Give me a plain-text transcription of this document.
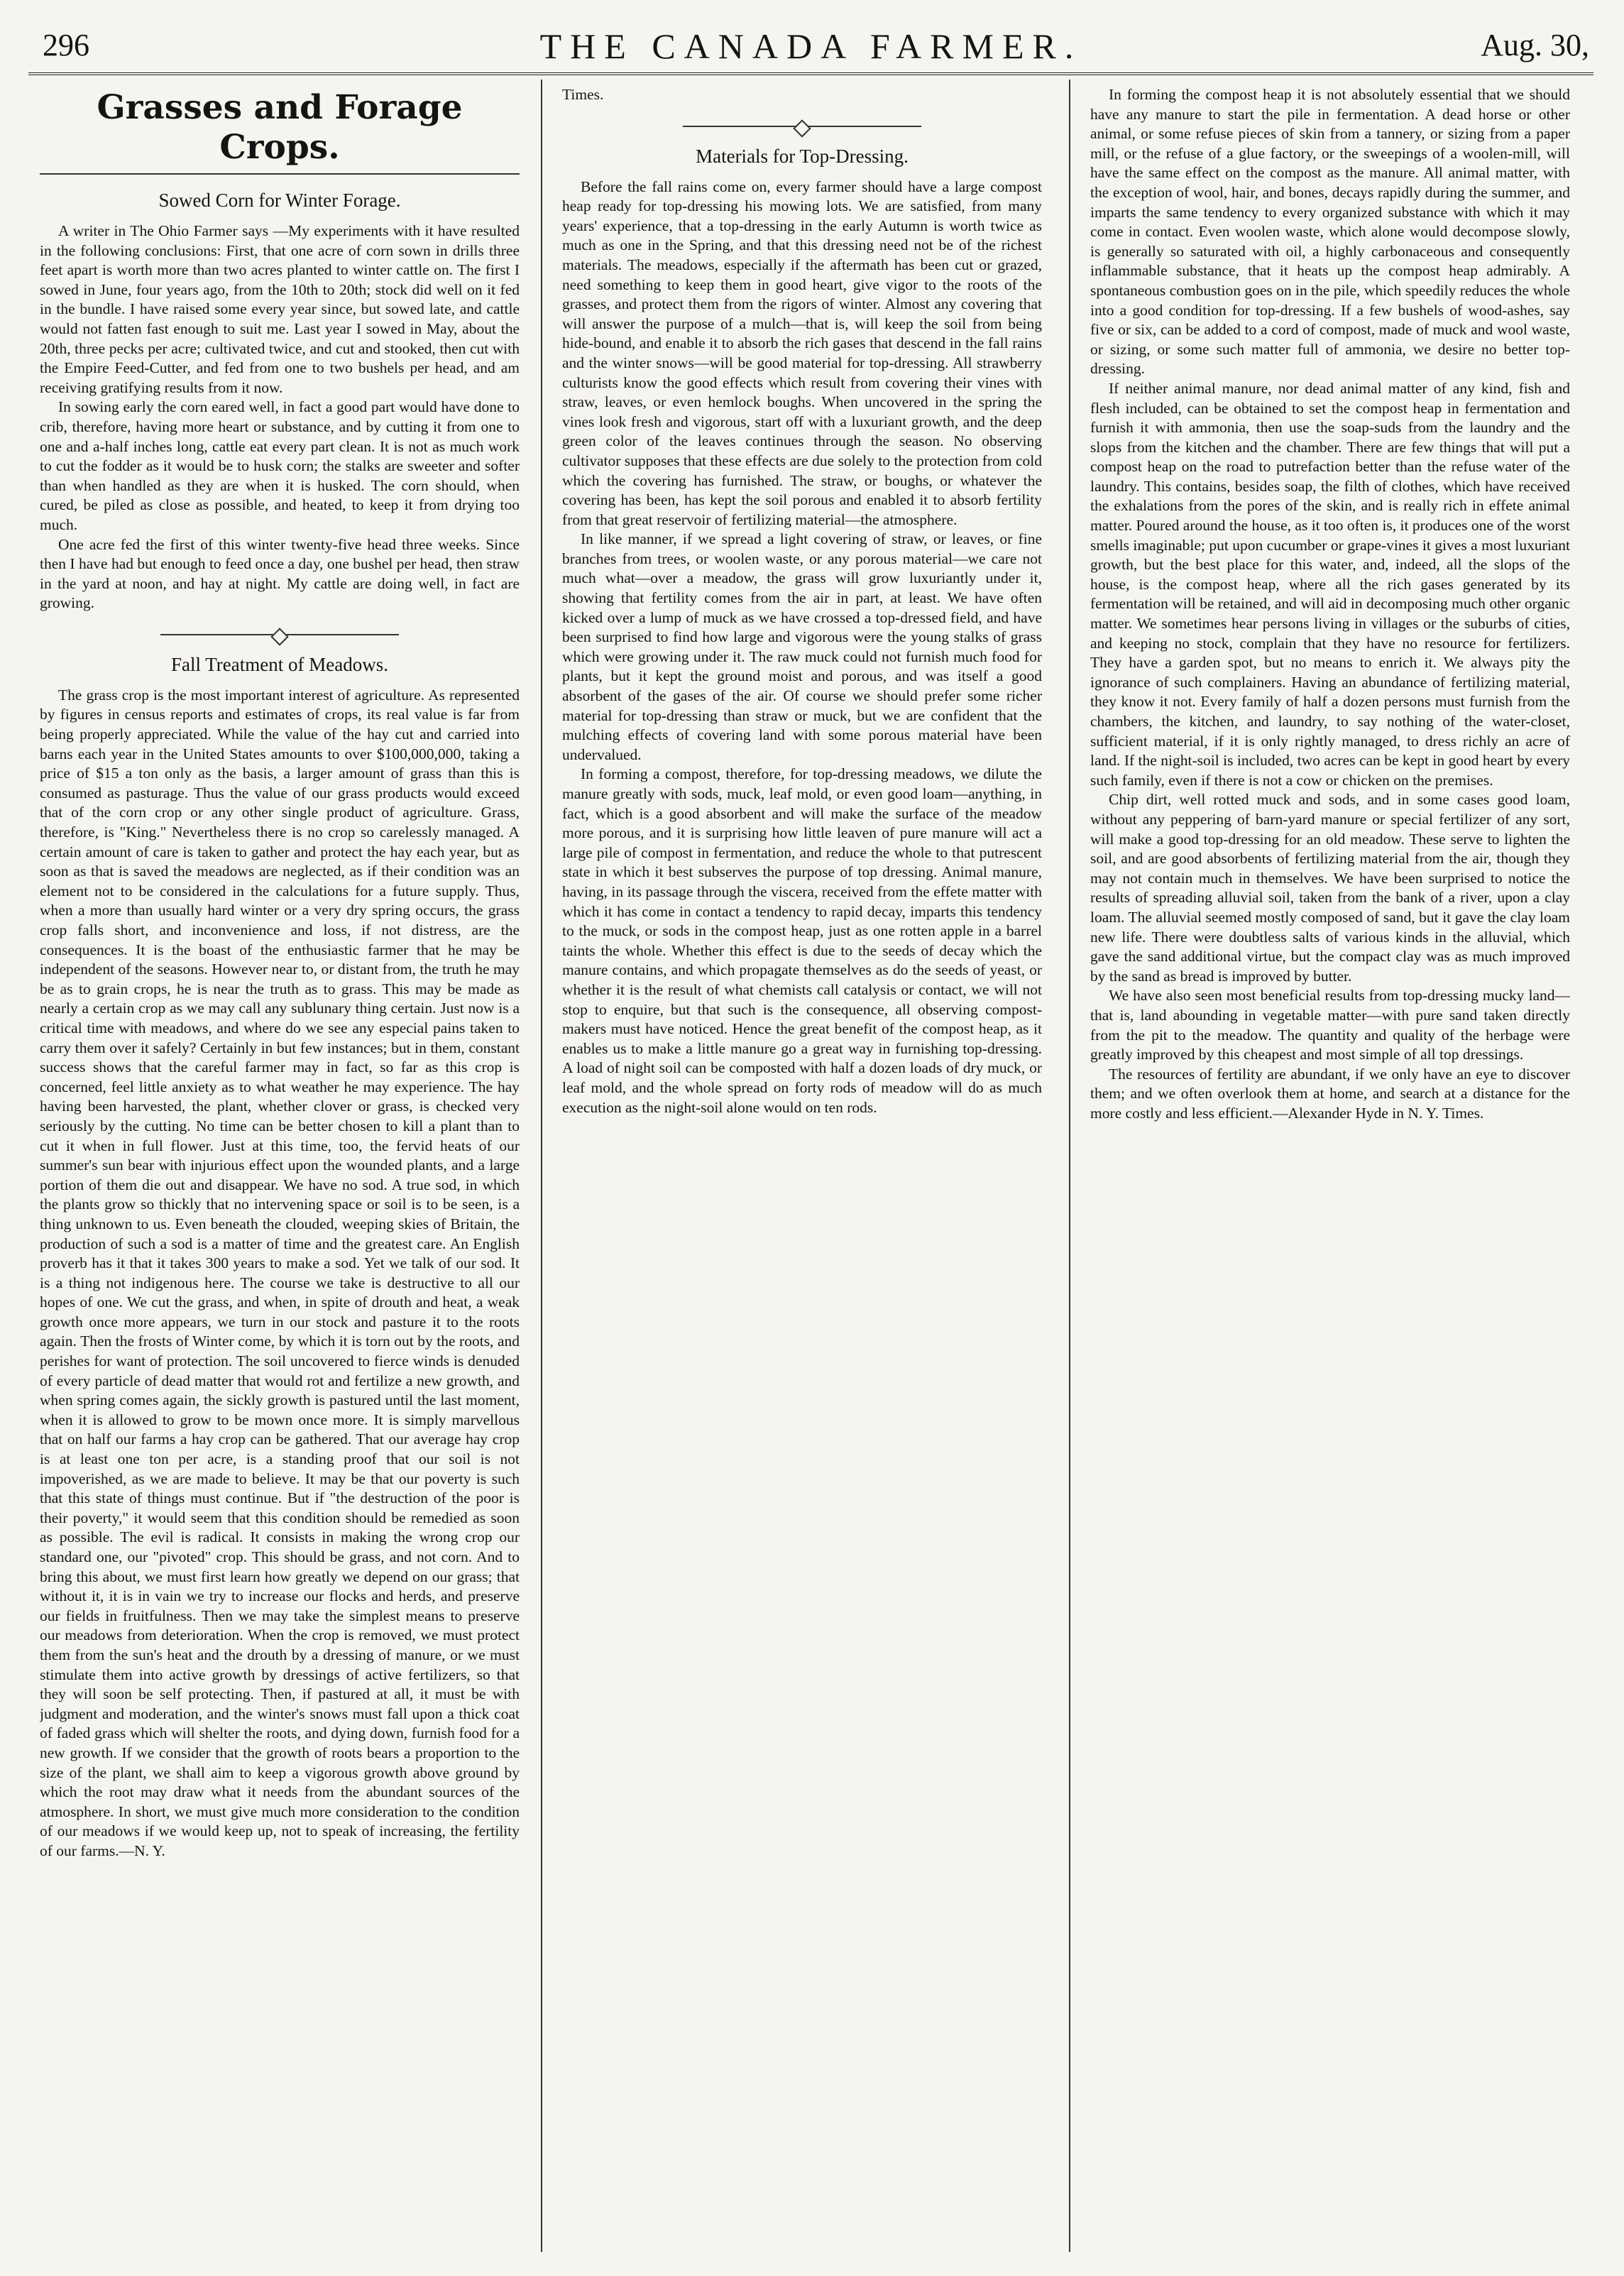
296	THE CANADA FARMER.	Aug. 30,
Grasses and Forage Crops.
Sowed Corn for Winter Forage.

A writer in The Ohio Farmer says —My experiments with it have resulted in the following conclusions: First, that one acre of corn sown in drills three feet apart is worth more than two acres planted to winter cattle on. The first I sowed in June, four years ago, from the 10th to 20th; stock did well on it fed in the bundle. I have raised some every year since, but sowed late, and cattle would not fatten fast enough to suit me. Last year I sowed in May, about the 20th, three pecks per acre; cultivated twice, and cut and stooked, then cut with the Empire Feed-Cutter, and fed from one to two bushels per head, and am receiving gratifying results from it now.

In sowing early the corn eared well, in fact a good part would have done to crib, therefore, having more heart or substance, and by cutting it from one to one and a-half inches long, cattle eat every part clean. It is not as much work to cut the fodder as it would be to husk corn; the stalks are sweeter and softer than when handled as they are when it is husked. The corn should, when cured, be piled as close as possible, and heated, to keep it from drying too much.

One acre fed the first of this winter twenty-five head three weeks. Since then I have had but enough to feed once a day, one bushel per head, then straw in the yard at noon, and hay at night. My cattle are doing well, in fact are growing.

Fall Treatment of Meadows.

The grass crop is the most important interest of agriculture. As represented by figures in census reports and estimates of crops, its real value is far from being properly appreciated. While the value of the hay cut and carried into barns each year in the United States amounts to over $100,000,000, taking a price of $15 a ton only as the basis, a larger amount of grass than this is consumed as pasturage. Thus the value of our grass products would exceed that of the corn crop or any other single product of agriculture. Grass, therefore, is "King." Nevertheless there is no crop so carelessly managed. A certain amount of care is taken to gather and protect the hay each year, but as soon as that is saved the meadows are neglected, as if their condition was an element not to be considered in the calculations for a future supply. Thus, when a more than usually hard winter or a very dry spring occurs, the grass crop falls short, and inconvenience and loss, if not distress, are the consequences. It is the boast of the enthusiastic farmer that he may be independent of the seasons. However near to, or distant from, the truth he may be as to grain crops, he is near the truth as to grass. This may be made as nearly a certain crop as we may call any sublunary thing certain. Just now is a critical time with meadows, and where do we see any especial pains taken to carry them over it safely? Certainly in but few instances; but in them, constant success shows that the careful farmer may in fact, so far as this crop is concerned, feel little anxiety as to what weather he may experience. The hay having been harvested, the plant, whether clover or grass, is checked very seriously by the cutting. No time can be better chosen to kill a plant than to cut it when in full flower. Just at this time, too, the fervid heats of our summer's sun bear with injurious effect upon the wounded plants, and a large portion of them die out and disappear. We have no sod. A true sod, in which the plants grow so thickly that no intervening space or soil is to be seen, is a thing unknown to us. Even beneath the clouded, weeping skies of Britain, the production of such a sod is a matter of time and the greatest care. An English proverb has it that it takes 300 years to make a sod. Yet we talk of our sod. It is a thing not indigenous here. The course we take is destructive to all our hopes of one. We cut the grass, and when, in spite of drouth and heat, a weak growth once more appears, we turn in our stock and pasture it to the roots again. Then the frosts of Winter come, by which it is torn out by the roots, and perishes for want of protection. The soil uncovered to fierce winds is denuded of every particle of dead matter that would rot and fertilize a new growth, and when spring comes again, the sickly growth is pastured until the last moment, when it is allowed to grow to be mown once more. It is simply marvellous that on half our farms a hay crop can be gathered. That our average hay crop is at least one ton per acre, is a standing proof that our soil is not impoverished, as we are made to believe. It may be that our poverty is such that this state of things must continue. But if "the destruction of the poor is their poverty," it would seem that this condition should be remedied as soon as possible. The evil is radical. It consists in making the wrong crop our standard one, our "pivoted" crop. This should be grass, and not corn. And to bring this about, we must first learn how greatly we depend on our grass; that without it, it is in vain we try to increase our flocks and herds, and preserve our fields in fruitfulness. Then we may take the simplest means to preserve our meadows from deterioration. When the crop is removed, we must protect them from the sun's heat and the drouth by a dressing of manure, or we must stimulate them into active growth by dressings of active fertilizers, so that they will soon be self protecting. Then, if pastured at all, it must be with judgment and moderation, and the winter's snows must fall upon a thick coat of faded grass which will shelter the roots, and dying down, furnish food for a new growth. If we consider that the growth of roots bears a proportion to the size of the plant, we shall aim to keep a vigorous growth above ground by which the root may draw what it needs from the abundant sources of the atmosphere. In short, we must give much more consideration to the condition of our meadows if we would keep up, not to speak of increasing, the fertility of our farms.—N. Y.

Times.

Materials for Top-Dressing.

Before the fall rains come on, every farmer should have a large compost heap ready for top-dressing his mowing lots. We are satisfied, from many years' experience, that a top-dressing in the early Autumn is worth twice as much as one in the Spring, and that this dressing need not be of the richest materials. The meadows, especially if the aftermath has been cut or grazed, need something to keep them in good heart, give vigor to the roots of the grasses, and protect them from the rigors of winter. Almost any covering that will answer the purpose of a mulch—that is, will keep the soil from being hide-bound, and enable it to absorb the rich gases that descend in the fall rains and the winter snows—will be good material for top-dressing. All strawberry culturists know the good effects which result from covering their vines with straw, leaves, or even hemlock boughs. When uncovered in the spring the vines look fresh and vigorous, start off with a luxuriant growth, and the deep green color of the leaves continues through the season. No observing cultivator supposes that these effects are due solely to the protection from cold which the covering has furnished. The straw, or boughs, or whatever the covering has been, has kept the soil porous and enabled it to absorb fertility from that great reservoir of fertilizing material—the atmosphere.

In like manner, if we spread a light covering of straw, or leaves, or fine branches from trees, or woolen waste, or any porous material—we care not much what—over a meadow, the grass will grow luxuriantly under it, showing that fertility comes from the air in part, at least. We have often kicked over a lump of muck as we have crossed a top-dressed field, and have been surprised to find how large and vigorous were the young stalks of grass which were growing under it. The raw muck could not furnish much food for plants, but it kept the ground moist and porous, and was itself a good absorbent of the gases of the air. Of course we should prefer some richer material for top-dressing than straw or muck, but we are confident that the mulching effects of covering land with some porous material have been undervalued.

In forming a compost, therefore, for top-dressing meadows, we dilute the manure greatly with sods, muck, leaf mold, or even good loam—anything, in fact, which is a good absorbent and will make the surface of the meadow more porous, and it is surprising how little leaven of pure manure will act a large pile of compost in fermentation, and reduce the whole to that putrescent state in which it best subserves the purpose of top dressing. Animal manure, having, in its passage through the viscera, received from the effete matter with which it has come in contact a tendency to rapid decay, imparts this tendency to the muck, or sods in the compost heap, just as one rotten apple in a barrel taints the whole. Whether this effect is due to the seeds of decay which the manure contains, and which propagate themselves as do the seeds of yeast, or whether it is the result of what chemists call catalysis or contact, we will not stop to enquire, but that such is the consequence, all observing compost-makers must have noticed. Hence the great benefit of the compost heap, as it enables us to make a little manure go a great way in furnishing top-dressing. A load of night soil can be composted with half a dozen loads of dry muck, or leaf mold, and the whole spread on forty rods of meadow will do as much execution as the night-soil alone would on ten rods.

In forming the compost heap it is not absolutely essential that we should have any manure to start the pile in fermentation. A dead horse or other animal, or some refuse pieces of skin from a tannery, or sizing from a paper mill, or the refuse of a glue factory, or the sweepings of a woolen-mill, will have the same effect on the compost as the manure. All animal matter, with the exception of wool, hair, and bones, decays rapidly during the summer, and imparts the same tendency to every organized substance with which it may come in contact. Even woolen waste, which alone would decompose slowly, is generally so saturated with oil, a highly carbonaceous and consequently inflammable substance, that it heats up the compost heap admirably. A spontaneous combustion goes on in the pile, which speedily reduces the whole into a good condition for top-dressing. If a few bushels of wood-ashes, say five or six, can be added to a cord of compost, made of muck and wool waste, or sizing, or some such matter full of ammonia, we desire no better top-dressing.

If neither animal manure, nor dead animal matter of any kind, fish and flesh included, can be obtained to set the compost heap in fermentation and furnish it with ammonia, then use the soap-suds from the laundry and the slops from the kitchen and the chamber. There are few things that will put a compost heap on the road to putrefaction better than the refuse water of the laundry. This contains, besides soap, the filth of clothes, which have received the exhalations from the pores of the skin, and is really rich in effete animal matter. Poured around the house, as it too often is, it produces one of the worst smells imaginable; put upon cucumber or grape-vines it gives a most luxuriant growth, but the best place for this water, and, indeed, all the slops of the house, is the compost heap, where all the rich gases generated by its fermentation will be retained, and will aid in decomposing much other organic matter. We sometimes hear persons living in villages or the suburbs of cities, and keeping no stock, complain that they have no resource for fertilizers. They have a garden spot, but no means to enrich it. We always pity the ignorance of such complainers. Having an abundance of fertilizing material, they know it not. Every family of half a dozen persons must furnish from the chambers, the kitchen, and laundry, to say nothing of the water-closet, sufficient material, if it is only rightly managed, to dress richly an acre of land. If the night-soil is included, two acres can be kept in good heart by every such family, even if there is not a cow or chicken on the premises.

Chip dirt, well rotted muck and sods, and in some cases good loam, without any peppering of barn-yard manure or special fertilizer of any sort, will make a good top-dressing for an old meadow. These serve to lighten the soil, and are good absorbents of fertilizing material from the air, though they may not contain much in themselves. We have been surprised to notice the results of spreading alluvial soil, taken from the bank of a river, upon a clay loam. The alluvial seemed mostly composed of sand, but it gave the clay loam new life. There were doubtless salts of various kinds in the alluvial, which gave the sand additional virtue, but the compact clay was as much improved by the sand as bread is improved by butter.

We have also seen most beneficial results from top-dressing mucky land—that is, land abounding in vegetable matter—with pure sand taken directly from the pit to the meadow. The quantity and quality of the herbage were greatly improved by this cheapest and most simple of all top dressings.

The resources of fertility are abundant, if we only have an eye to discover them; and we often overlook them at home, and search at a distance for the more costly and less efficient.—Alexander Hyde in N. Y. Times.
